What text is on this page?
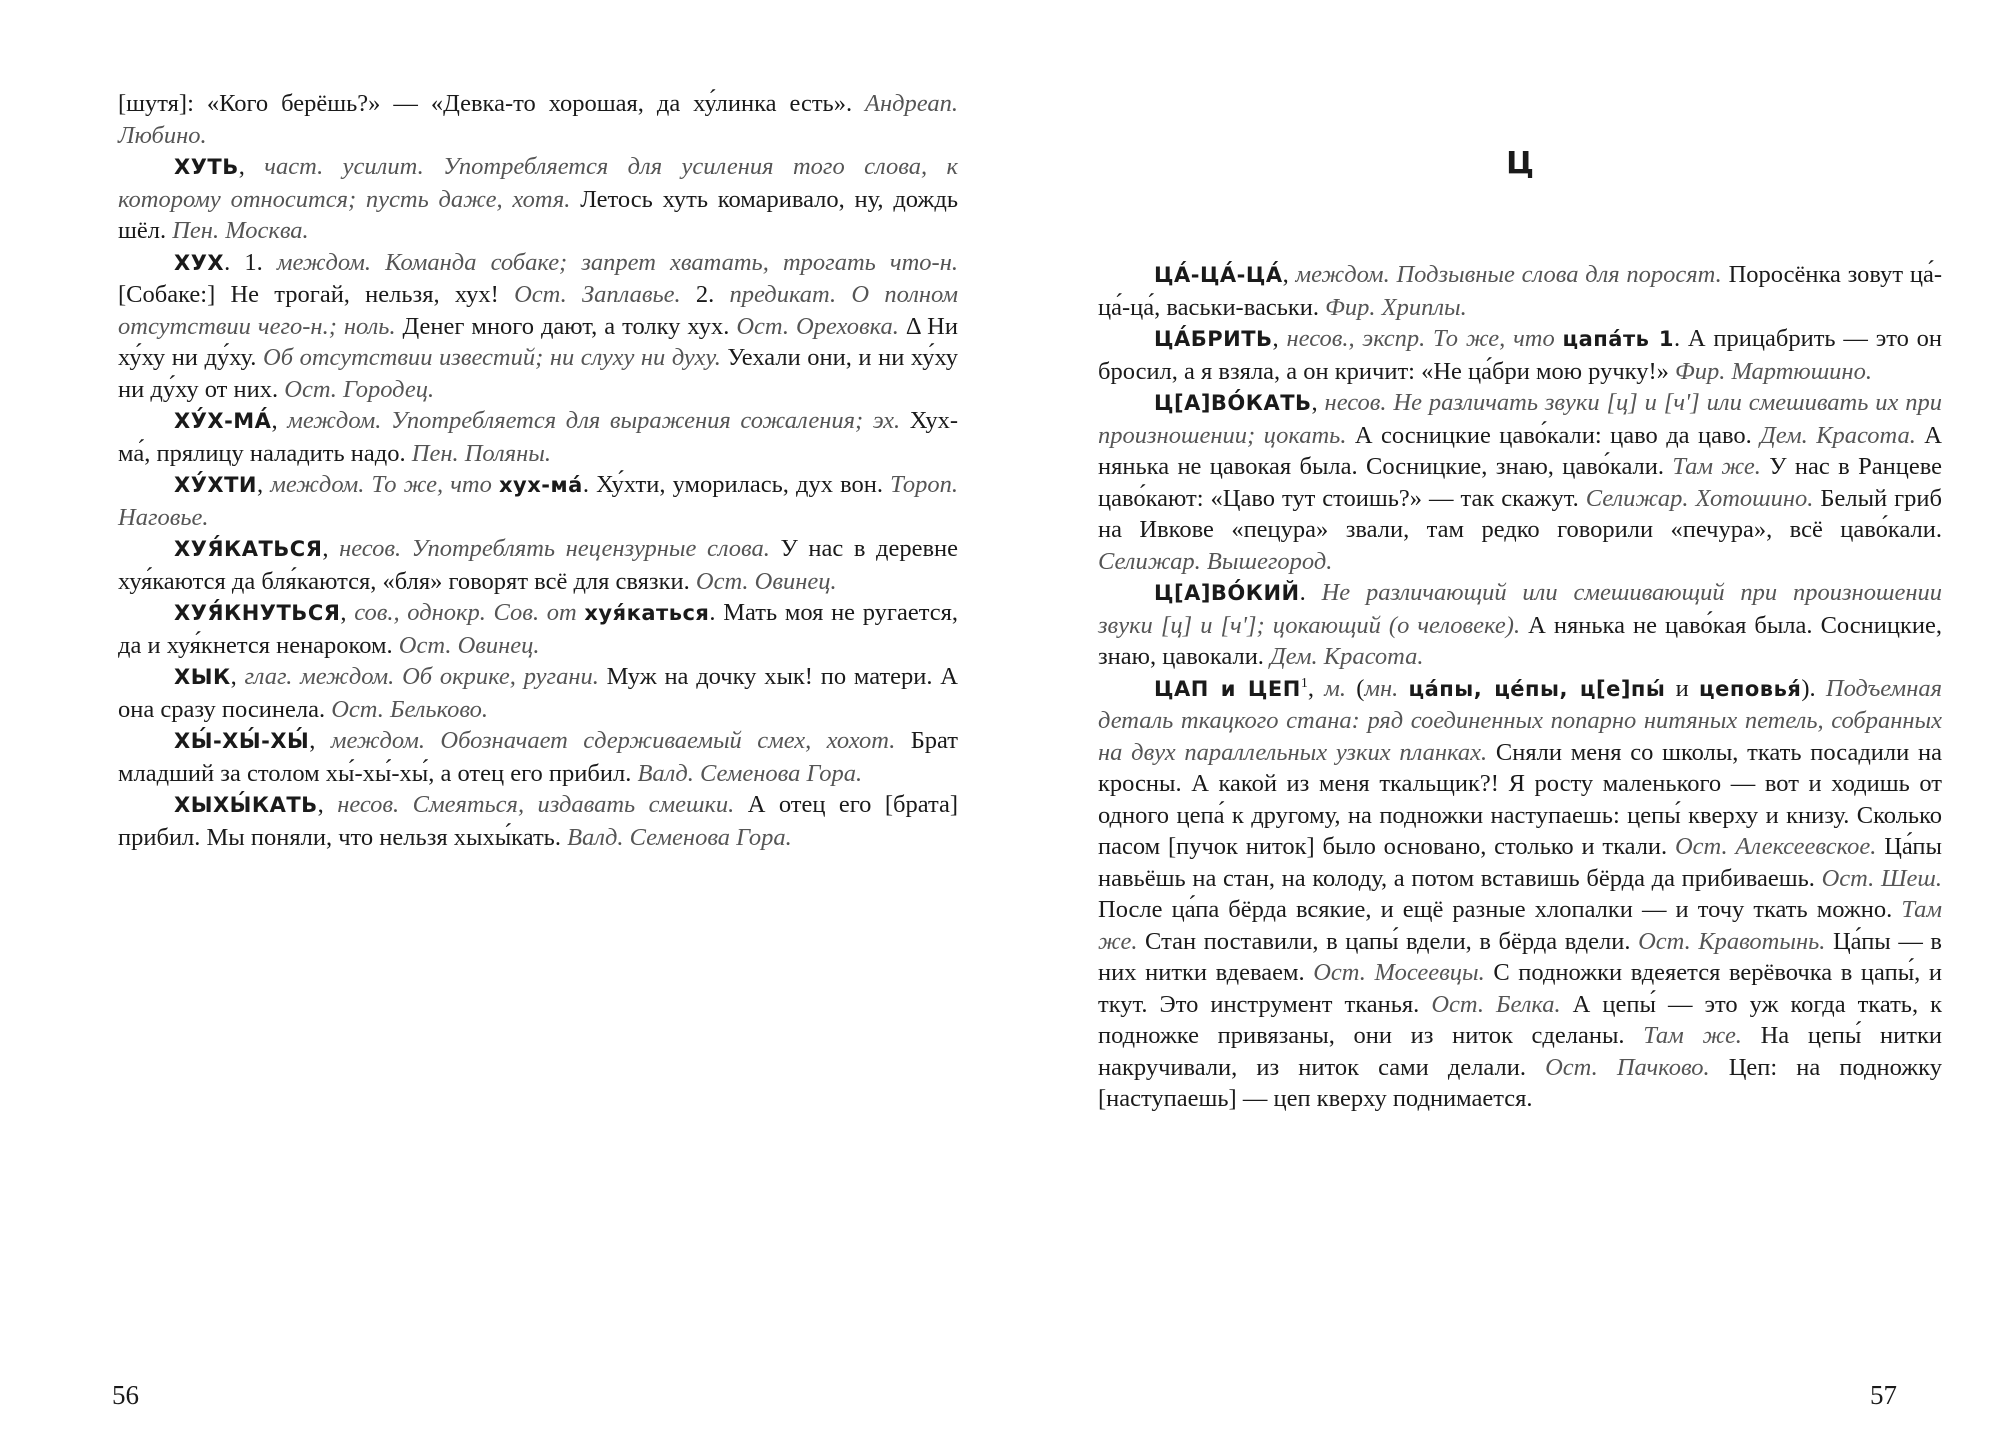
[шутя]: «Кого берёшь?» — «Девка-то хорошая, да ху́линка есть». Андреап. Любино.

ХУТЬ, част. усилит. Употребляется для усиления того слова, к которому относится; пусть даже, хотя. Летось хуть комаривало, ну, дождь шёл. Пен. Москва.

ХУХ. 1. междом. Команда собаке; запрет хватать, трогать что-н. [Собаке:] Не трогай, нельзя, хух! Ост. Заплавье. 2. предикат. О полном отсутствии чего-н.; ноль. Денег много дают, а толку хух. Ост. Ореховка. Δ Ни ху́ху ни ду́ху. Об отсутствии известий; ни слуху ни духу. Уехали они, и ни ху́ху ни ду́ху от них. Ост. Городец.

ХУ́Х-МА́, междом. Употребляется для выражения сожаления; эх. Хух-ма́, прялицу наладить надо. Пен. Поляны.

ХУ́ХТИ, междом. То же, что хух-ма́. Ху́хти, уморилась, дух вон. Тороп. Наговье.

ХУЯ́КАТЬСЯ, несов. Употреблять нецензурные слова. У нас в деревне хуя́каются да бля́каются, «бля» говорят всё для связки. Ост. Овинец.

ХУЯ́КНУТЬСЯ, сов., однокр. Сов. от хуя́каться. Мать моя не ругается, да и хуя́кнется ненароком. Ост. Овинец.

ХЫК, глаг. междом. Об окрике, ругани. Муж на дочку хык! по матери. А она сразу посинела. Ост. Бельково.

ХЫ́-ХЫ́-ХЫ́, междом. Обозначает сдерживаемый смех, хохот. Брат младший за столом хы́-хы́-хы́, а отец его прибил. Валд. Семенова Гора.

ХЫХЫ́КАТЬ, несов. Смеяться, издавать смешки. А отец его [брата] прибил. Мы поняли, что нельзя хыхы́кать. Валд. Семенова Гора.

56
Ц

ЦА́-ЦА́-ЦА́, междом. Подзывные слова для поросят. Поросёнка зовут ца́-ца́-ца́, васьки-васьки. Фир. Хриплы.

ЦА́БРИТЬ, несов., экспр. То же, что цапа́ть 1. А прицабрить — это он бросил, а я взяла, а он кричит: «Не ца́бри мою ручку!» Фир. Мартюшино.

Ц[А]ВО́КАТЬ, несов. Не различать звуки [ц] и [ч'] или смешивать их при произношении; цокать. А сосницкие цаво́кали: цаво да цаво. Дем. Красота. А нянька не цавокая была. Сосницкие, знаю, цаво́кали. Там же. У нас в Ранцеве цаво́кают: «Цаво тут стоишь?» — так скажут. Селижар. Хотошино. Белый гриб на Ивкове «пецура» звали, там редко говорили «печура», всё цаво́кали. Селижар. Вышегород.

Ц[А]ВО́КИЙ. Не различающий или смешивающий при произношении звуки [ц] и [ч']; цокающий (о человеке). А нянька не цаво́кая была. Сосницкие, знаю, цавокали. Дем. Красота.

ЦАП и ЦЕП$^1$, м. (мн. ца́пы, це́пы, ц[е]пы́ и цеповья́). Подъемная деталь ткацкого стана: ряд соединенных попарно нитяных петель, собранных на двух параллельных узких планках. Сняли меня со школы, ткать посадили на кросны. А какой из меня ткальщик?! Я росту маленького — вот и ходишь от одного цепа́ к другому, на подножки наступаешь: цепы́ кверху и книзу. Сколько пасом [пучок ниток] было основано, столько и ткали. Ост. Алексеевское. Ца́пы навьёшь на стан, на колоду, а потом вставишь бёрда да прибиваешь. Ост. Шеш. После ца́па бёрда всякие, и ещё разные хлопалки — и точу ткать можно. Там же. Стан поставили, в цапы́ вдели, в бёрда вдели. Ост. Кравотынь. Ца́пы — в них нитки вдеваем. Ост. Мосеевцы. С подножки вдеяется верёвочка в цапы́, и ткут. Это инструмент тканья. Ост. Белка. А цепы́ — это уж когда ткать, к подножке привязаны, они из ниток сделаны. Там же. На цепы́ нитки накручивали, из ниток сами делали. Ост. Пачково. Цеп: на подножку [наступаешь] — цеп кверху поднимается.

57
